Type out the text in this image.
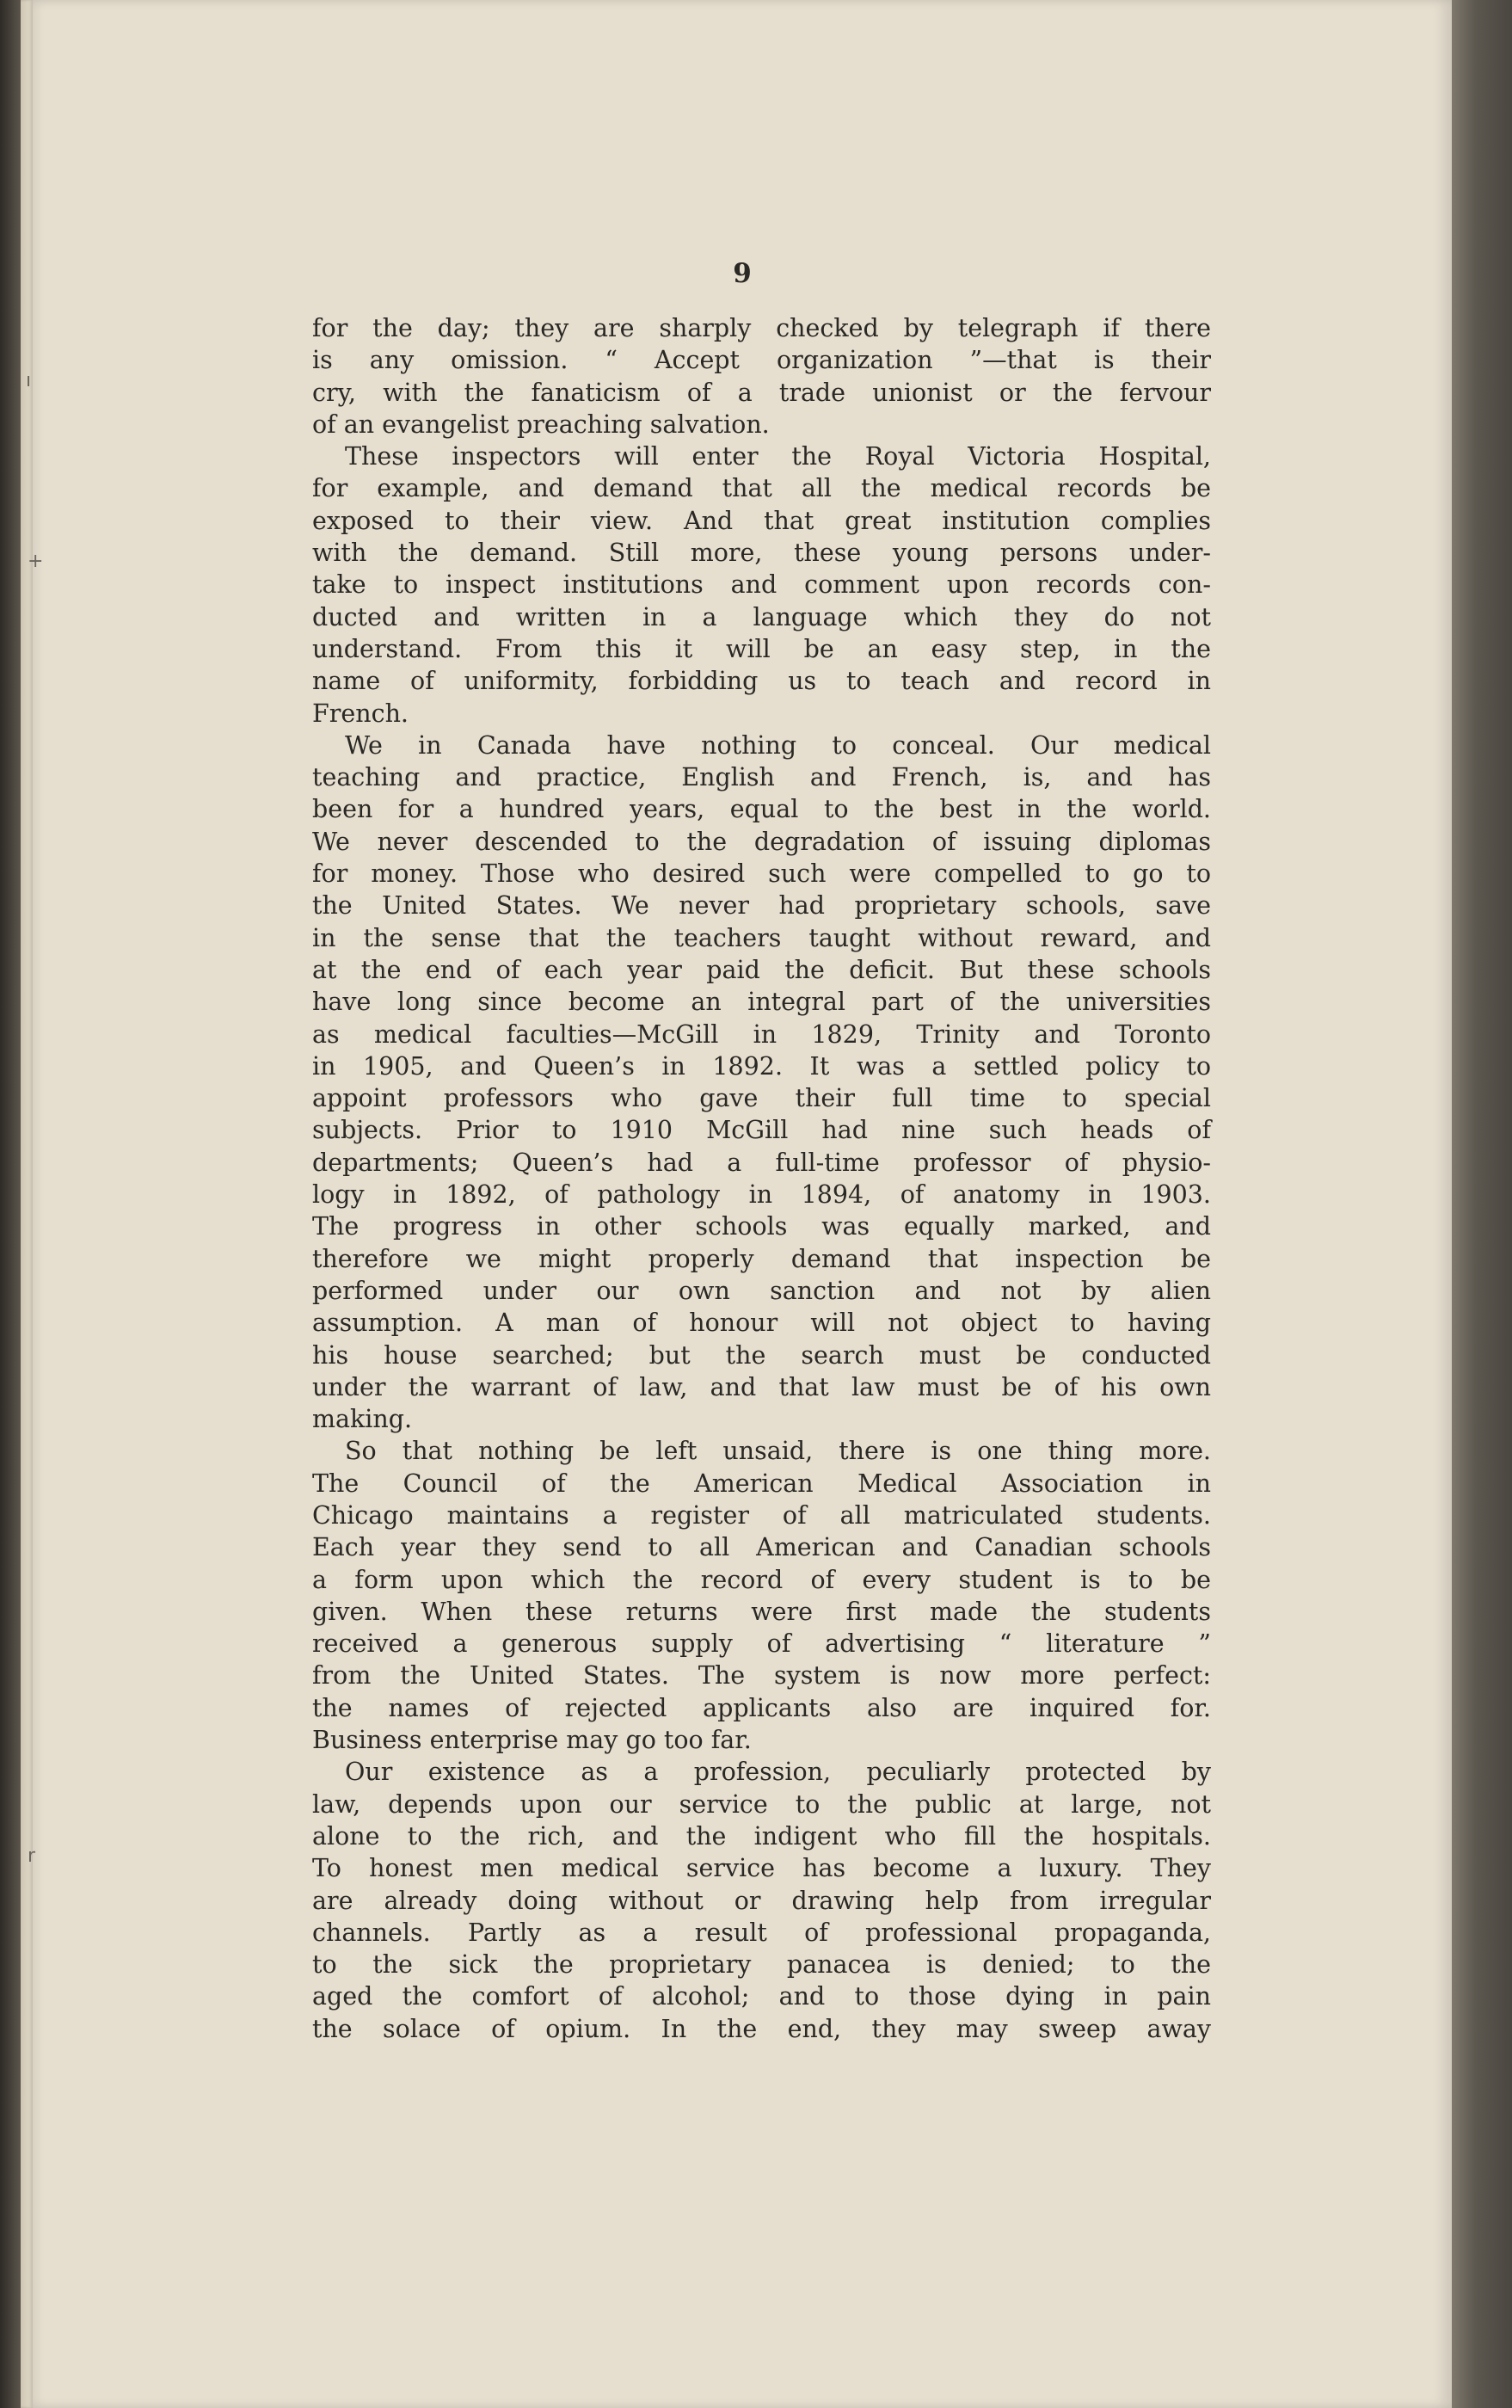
9
for the day; they are sharply checked by telegraph if there
is any omission. “ Accept organization ”—that is their
cry, with the fanaticism of a trade unionist or the fervour
of an evangelist preaching salvation.
These inspectors will enter the Royal Victoria Hospital,
for example, and demand that all the medical records be
exposed to their view. And that great institution complies
with the demand. Still more, these young persons under-
take to inspect institutions and comment upon records con-
ducted and written in a language which they do not
understand. From this it will be an easy step, in the
name of uniformity, forbidding us to teach and record in
French.
We in Canada have nothing to conceal. Our medical
teaching and practice, English and French, is, and has
been for a hundred years, equal to the best in the world.
We never descended to the degradation of issuing diplomas
for money. Those who desired such were compelled to go to
the United States. We never had proprietary schools, save
in the sense that the teachers taught without reward, and
at the end of each year paid the deficit. But these schools
have long since become an integral part of the universities
as medical faculties—McGill in 1829, Trinity and Toronto
in 1905, and Queen’s in 1892. It was a settled policy to
appoint professors who gave their full time to special
subjects. Prior to 1910 McGill had nine such heads of
departments; Queen’s had a full-time professor of physio-
logy in 1892, of pathology in 1894, of anatomy in 1903.
The progress in other schools was equally marked, and
therefore we might properly demand that inspection be
performed under our own sanction and not by alien
assumption. A man of honour will not object to having
his house searched; but the search must be conducted
under the warrant of law, and that law must be of his own
making.
So that nothing be left unsaid, there is one thing more.
The Council of the American Medical Association in
Chicago maintains a register of all matriculated students.
Each year they send to all American and Canadian schools
a form upon which the record of every student is to be
given. When these returns were first made the students
received a generous supply of advertising “ literature ”
from the United States. The system is now more perfect:
the names of rejected applicants also are inquired for.
Business enterprise may go too far.
Our existence as a profession, peculiarly protected by
law, depends upon our service to the public at large, not
alone to the rich, and the indigent who fill the hospitals.
To honest men medical service has become a luxury. They
are already doing without or drawing help from irregular
channels. Partly as a result of professional propaganda,
to the sick the proprietary panacea is denied; to the
aged the comfort of alcohol; and to those dying in pain
the solace of opium. In the end, they may sweep away
ı
+
r
